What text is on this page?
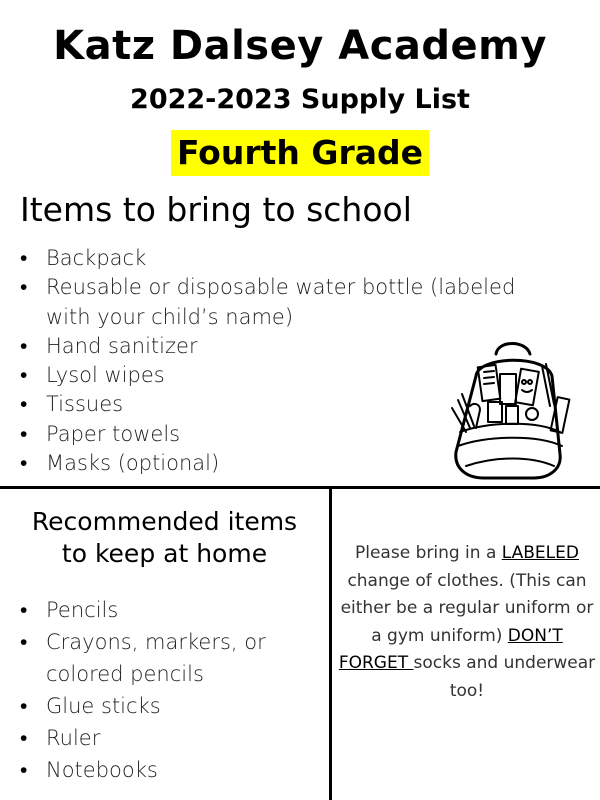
Katz Dalsey Academy
2022-2023 Supply List
Fourth Grade
Items to bring to school
• Backpack
• Reusable or disposable water bottle (labeled with your child’s name)
• Hand sanitizer
• Lysol wipes
• Tissues
• Paper towels
• Masks (optional)
Recommended items
to keep at home
• Pencils
• Crayons, markers, or colored pencils
• Glue sticks
• Ruler
• Notebooks
Please bring in a LABELED change of clothes. (This can either be a regular uniform or a gym uniform) DON’T FORGET socks and underwear too!
